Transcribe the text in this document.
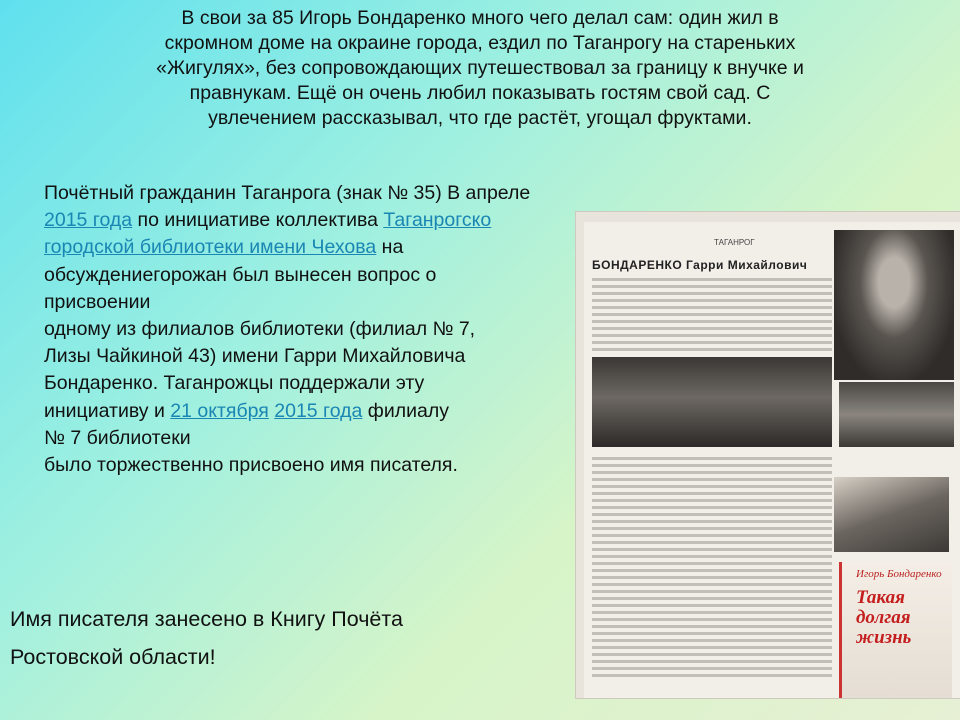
В свои за 85 Игорь Бондаренко много чего делал сам: один жил в
скромном доме на окраине города, ездил по Таганрогу на стареньких
«Жигулях», без сопровождающих путешествовал за границу к внучке и
правнукам. Ещё он очень любил показывать гостям свой сад. С
увлечением рассказывал, что где растёт, угощал фруктами.
Почётный гражданин Таганрога (знак № 35) В апреле
2015 года по инициативе коллектива Таганрогско
городской библиотеки имени Чехова на
обсуждениегорожан был вынесен вопрос о
присвоении
одному из филиалов библиотеки (филиал № 7,
Лизы Чайкиной 43) имени Гарри Михайловича
Бондаренко. Таганрожцы поддержали эту
инициативу и 21 октября 2015 года филиалу
№ 7 библиотеки
было торжественно присвоено имя писателя.
ТАГАНРОГ
БОНДАРЕНКО Гарри Михайлович
Игорь Бондаренко
Такая долгая жизнь
Имя писателя занесено в Книгу Почёта
Ростовской области!
